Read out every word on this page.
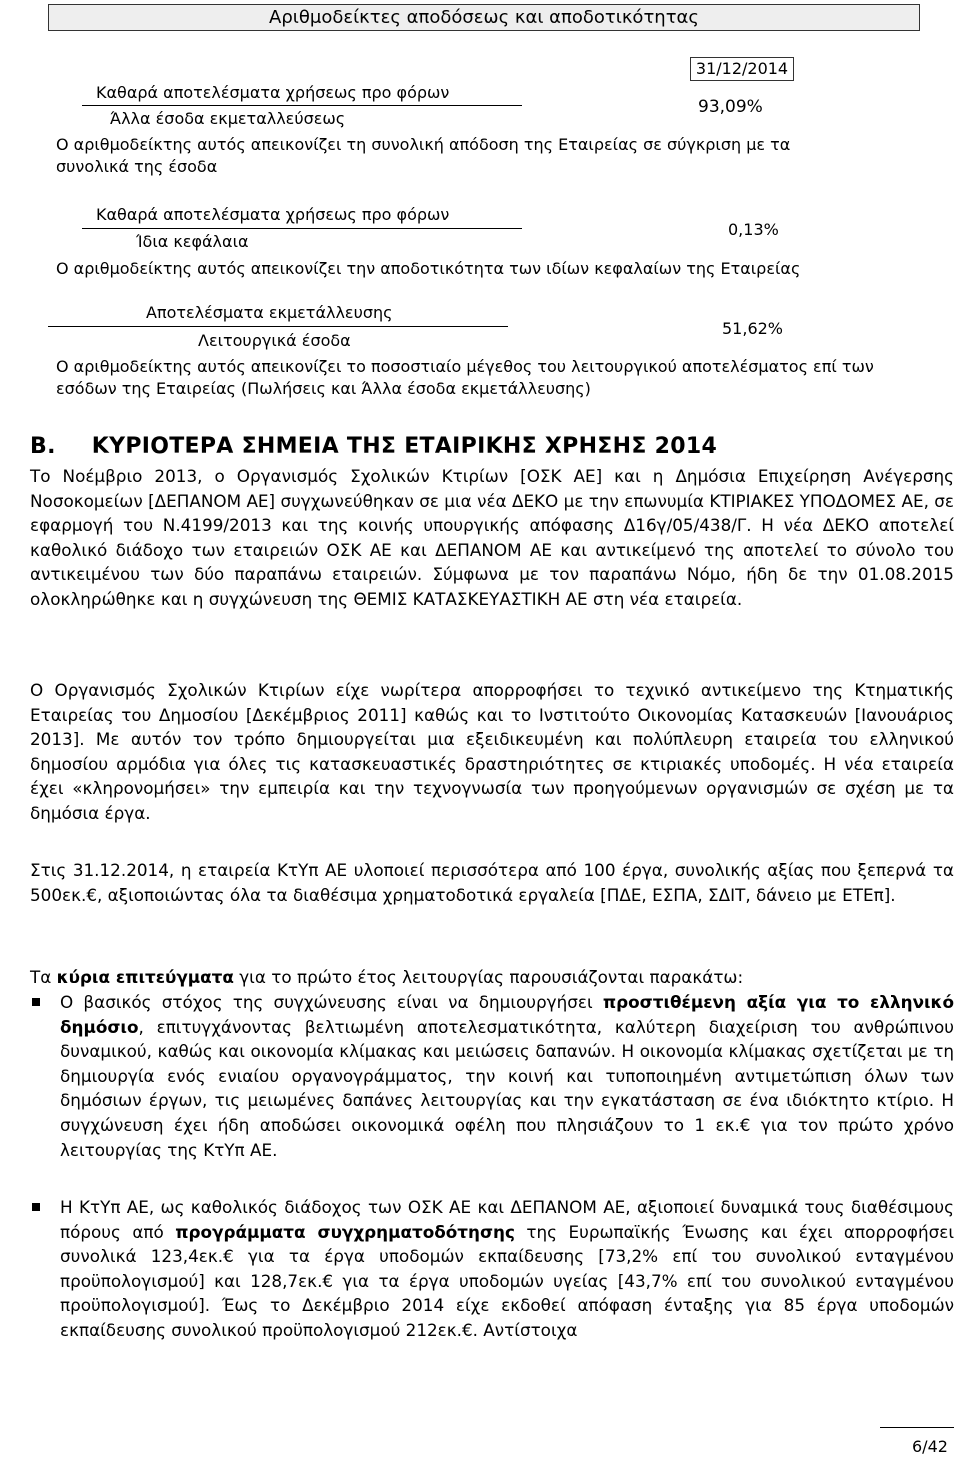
Αριθμοδείκτες αποδόσεως και αποδοτικότητας
31/12/2014
Καθαρά αποτελέσματα χρήσεως προ φόρων
Άλλα έσοδα εκμεταλλεύσεως
93,09%
Ο αριθμοδείκτης αυτός απεικονίζει τη συνολική απόδοση της Εταιρείας σε σύγκριση με τα συνολικά της έσοδα
Καθαρά αποτελέσματα χρήσεως προ φόρων
Ίδια κεφάλαια
0,13%
Ο αριθμοδείκτης αυτός απεικονίζει την αποδοτικότητα των ιδίων κεφαλαίων της Εταιρείας
Αποτελέσματα εκμετάλλευσης
Λειτουργικά έσοδα
51,62%
Ο αριθμοδείκτης αυτός απεικονίζει το ποσοστιαίο μέγεθος του λειτουργικού αποτελέσματος επί των εσόδων της Εταιρείας (Πωλήσεις και Άλλα έσοδα εκμετάλλευσης)
B. ΚΥΡΙΟΤΕΡΑ ΣΗΜΕΙΑ ΤΗΣ ΕΤΑΙΡΙΚΗΣ ΧΡΗΣΗΣ 2014

Το Νοέμβριο 2013, ο Οργανισμός Σχολικών Κτιρίων [ΟΣΚ ΑΕ] και η Δημόσια Επιχείρηση Ανέγερσης Νοσοκομείων [ΔΕΠΑΝΟΜ ΑΕ] συγχωνεύθηκαν σε μια νέα ΔΕΚΟ με την επωνυμία ΚΤΙΡΙΑΚΕΣ ΥΠΟΔΟΜΕΣ ΑΕ, σε εφαρμογή του Ν.4199/2013 και της κοινής υπουργικής απόφασης Δ16γ/05/438/Γ. Η νέα ΔΕΚΟ αποτελεί καθολικό διάδοχο των εταιρειών ΟΣΚ ΑΕ και ΔΕΠΑΝΟΜ ΑΕ και αντικείμενό της αποτελεί το σύνολο του αντικειμένου των δύο παραπάνω εταιρειών. Σύμφωνα με τον παραπάνω Νόμο, ήδη δε την 01.08.2015 ολοκληρώθηκε και η συγχώνευση της ΘΕΜΙΣ ΚΑΤΑΣΚΕΥΑΣΤΙΚΗ ΑΕ στη νέα εταιρεία.

Ο Οργανισμός Σχολικών Κτιρίων είχε νωρίτερα απορροφήσει το τεχνικό αντικείμενο της Κτηματικής Εταιρείας του Δημοσίου [Δεκέμβριος 2011] καθώς και το Ινστιτούτο Οικονομίας Κατασκευών [Ιανουάριος 2013]. Με αυτόν τον τρόπο δημιουργείται μια εξειδικευμένη και πολύπλευρη εταιρεία του ελληνικού δημοσίου αρμόδια για όλες τις κατασκευαστικές δραστηριότητες σε κτιριακές υποδομές. Η νέα εταιρεία έχει «κληρονομήσει» την εμπειρία και την τεχνογνωσία των προηγούμενων οργανισμών σε σχέση με τα δημόσια έργα.

Στις 31.12.2014, η εταιρεία ΚτΥπ ΑΕ υλοποιεί περισσότερα από 100 έργα, συνολικής αξίας που ξεπερνά τα 500εκ.€, αξιοποιώντας όλα τα διαθέσιμα χρηματοδοτικά εργαλεία [ΠΔΕ, ΕΣΠΑ, ΣΔΙΤ, δάνειο με ΕΤΕπ].

Τα κύρια επιτεύγματα για το πρώτο έτος λειτουργίας παρουσιάζονται παρακάτω:

Ο βασικός στόχος της συγχώνευσης είναι να δημιουργήσει προστιθέμενη αξία για το ελληνικό δημόσιο, επιτυγχάνοντας βελτιωμένη αποτελεσματικότητα, καλύτερη διαχείριση του ανθρώπινου δυναμικού, καθώς και οικονομία κλίμακας και μειώσεις δαπανών. Η οικονομία κλίμακας σχετίζεται με τη δημιουργία ενός ενιαίου οργανογράμματος, την κοινή και τυποποιημένη αντιμετώπιση όλων των δημόσιων έργων, τις μειωμένες δαπάνες λειτουργίας και την εγκατάσταση σε ένα ιδιόκτητο κτίριο. Η συγχώνευση έχει ήδη αποδώσει οικονομικά οφέλη που πλησιάζουν το 1 εκ.€ για τον πρώτο χρόνο λειτουργίας της ΚτΥπ ΑΕ.

Η ΚτΥπ ΑΕ, ως καθολικός διάδοχος των ΟΣΚ ΑΕ και ΔΕΠΑΝΟΜ ΑΕ, αξιοποιεί δυναμικά τους διαθέσιμους πόρους από προγράμματα συγχρηματοδότησης της Ευρωπαϊκής Ένωσης και έχει απορροφήσει συνολικά 123,4εκ.€ για τα έργα υποδομών εκπαίδευσης [73,2% επί του συνολικού ενταγμένου προϋπολογισμού] και 128,7εκ.€ για τα έργα υποδομών υγείας [43,7% επί του συνολικού ενταγμένου προϋπολογισμού]. Έως το Δεκέμβριο 2014 είχε εκδοθεί απόφαση ένταξης για 85 έργα υποδομών εκπαίδευσης συνολικού προϋπολογισμού 212εκ.€. Αντίστοιχα

6/42
